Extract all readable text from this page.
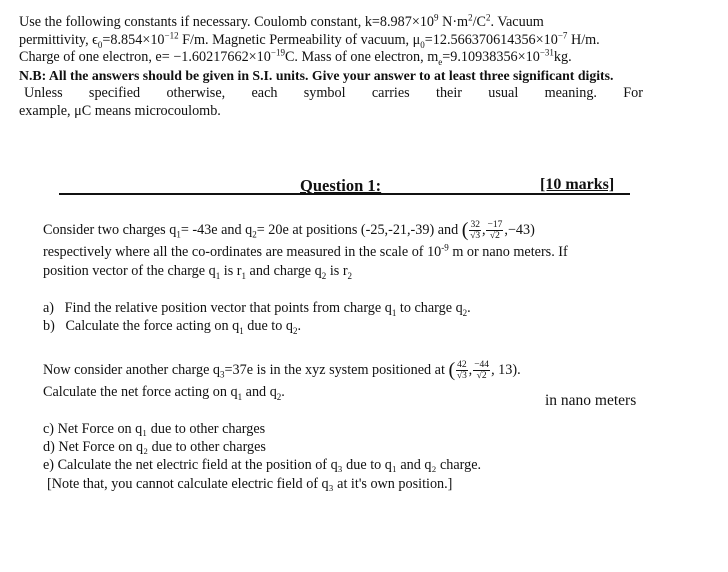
Use the following constants if necessary. Coulomb constant, $k=8.987\times 10^9$ $N\cdot m^2/C^2$. Vacuum
permittivity, $\epsilon_0=8.854\times 10^{-12}$ F/m. Magnetic Permeability of vacuum, $\mu_0=12.566370614356\times 10^{-7}$ H/m.
Charge of one electron, $e= -1.60217662\times 10^{-19}C$. Mass of one electron, $m_e=9.10938356\times 10^{-31}kg$.
N.B: All the answers should be given in S.I. units. Give your answer to at least three significant digits.
Unless specified otherwise, each symbol carries their usual meaning. For
example, μC means microcoulomb.
Question 1:	[10 marks]
Consider two charges $q_1= -43e$ and $q_2= 20e$ at positions (-25,-21,-39) and ( $\frac{32}{√3}$ , $\frac{-17}{√2} ,-43$)
respectively where all the co-ordinates are measured in the scale of $10^{-9}$ m or nano meters. If
position vector of the charge $q_1$ is $r_1$ and charge $q_2$ is $r_2$
a) Find the relative position vector that points from charge $q_1$ to charge $q_2$.
b) Calculate the force acting on $q_1$ due to $q_2$.
Now consider another charge $q_3=37e$ is in the xyz system positioned at ( $\frac{42}{√3}$ , $\frac{-44}{√2}$ , 13).
Calculate the net force acting on $q_1$ and $q_2$.	in nano meters
c) Net Force on q₁ due to other charges
d) Net Force on q₂ due to other charges
e) Calculate the net electric field at the position of q₃ due to q₁ and q₂ charge.
[Note that, you cannot calculate electric field of q₃ at it's own position.]
